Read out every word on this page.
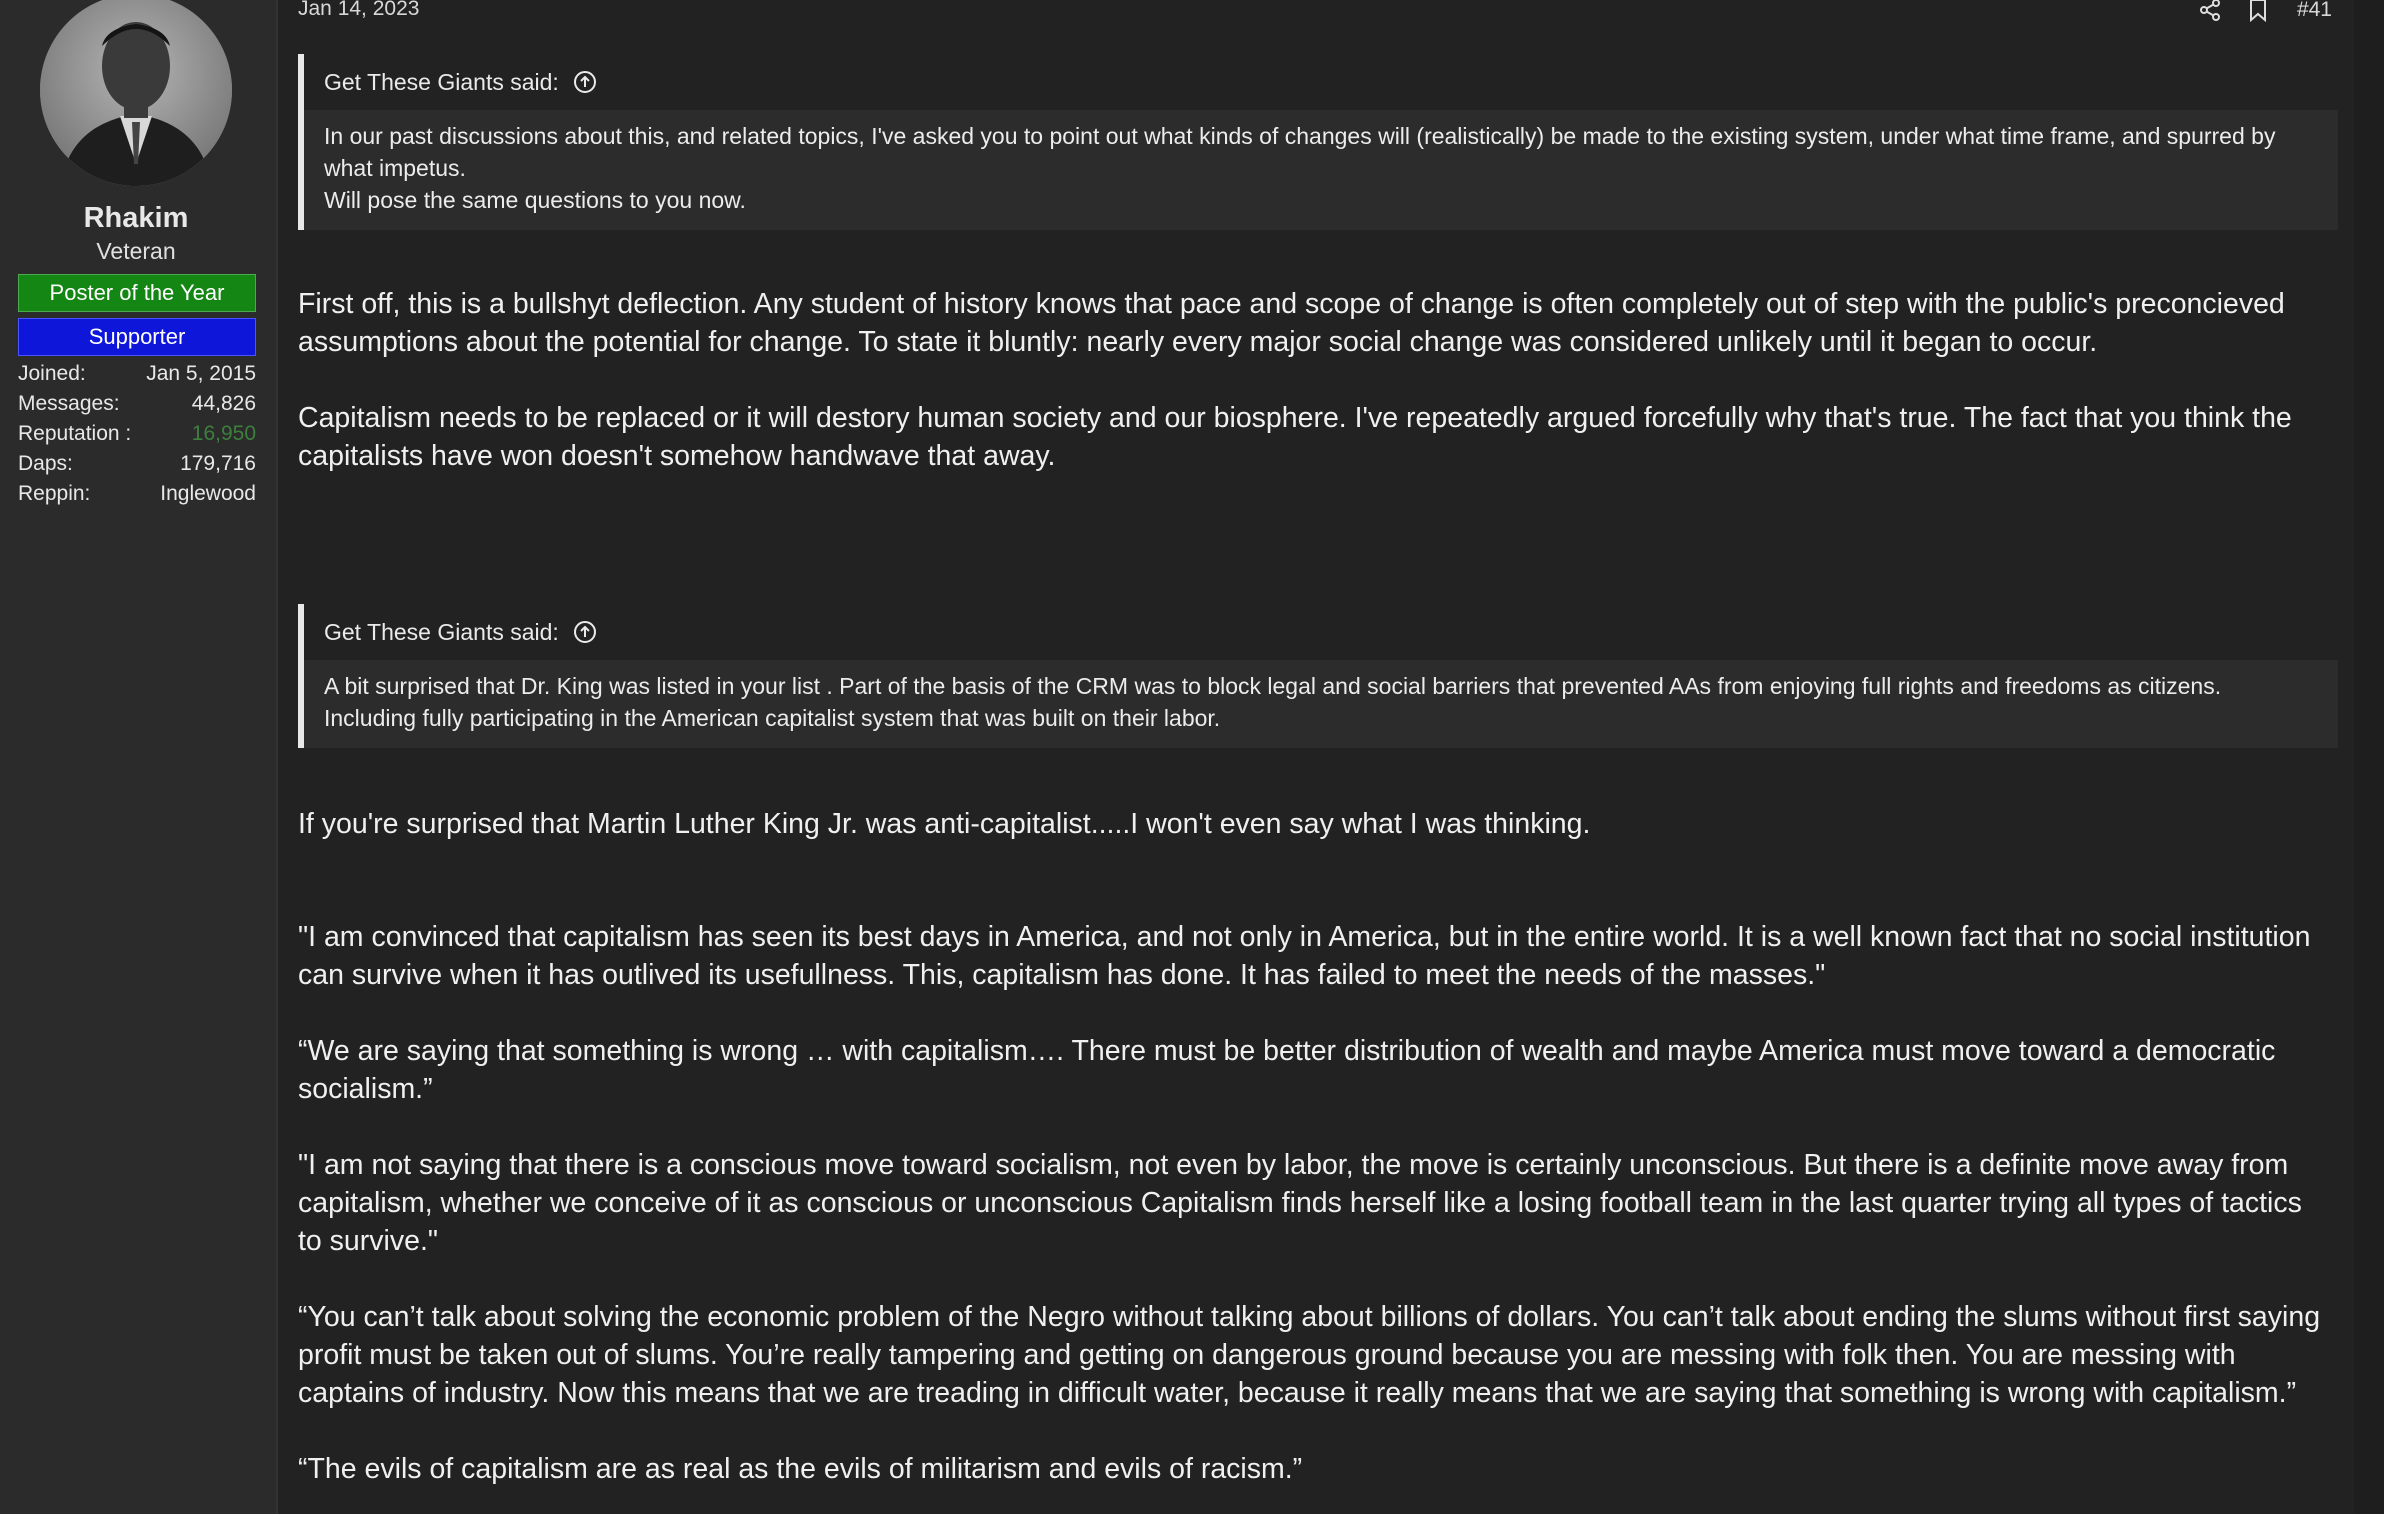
Rhakim
Veteran
Poster of the Year
Supporter
Joined:	Jan 5, 2015
Messages:	44,826
Reputation :	16,950
Daps:	179,716
Reppin:	Inglewood
Jan 14, 2023	#41
Get These Giants said:
In our past discussions about this, and related topics, I've asked you to point out what kinds of changes will (realistically) be made to the existing system, under what time frame, and spurred by what impetus.
Will pose the same questions to you now.
First off, this is a bullshyt deflection. Any student of history knows that pace and scope of change is often completely out of step with the public's preconcieved assumptions about the potential for change. To state it bluntly: nearly every major social change was considered unlikely until it began to occur.
Capitalism needs to be replaced or it will destory human society and our biosphere. I've repeatedly argued forcefully why that's true. The fact that you think the capitalists have won doesn't somehow handwave that away.
Get These Giants said:
A bit surprised that Dr. King was listed in your list . Part of the basis of the CRM was to block legal and social barriers that prevented AAs from enjoying full rights and freedoms as citizens. Including fully participating in the American capitalist system that was built on their labor.
If you're surprised that Martin Luther King Jr. was anti-capitalist.....I won't even say what I was thinking.
"I am convinced that capitalism has seen its best days in America, and not only in America, but in the entire world. It is a well known fact that no social institution can survive when it has outlived its usefullness. This, capitalism has done. It has failed to meet the needs of the masses."
“We are saying that something is wrong … with capitalism…. There must be better distribution of wealth and maybe America must move toward a democratic socialism.”
"I am not saying that there is a conscious move toward socialism, not even by labor, the move is certainly unconscious. But there is a definite move away from capitalism, whether we conceive of it as conscious or unconscious Capitalism finds herself like a losing football team in the last quarter trying all types of tactics to survive."
“You can’t talk about solving the economic problem of the Negro without talking about billions of dollars. You can’t talk about ending the slums without first saying profit must be taken out of slums. You’re really tampering and getting on dangerous ground because you are messing with folk then. You are messing with captains of industry. Now this means that we are treading in difficult water, because it really means that we are saying that something is wrong with capitalism.”
“The evils of capitalism are as real as the evils of militarism and evils of racism.”
